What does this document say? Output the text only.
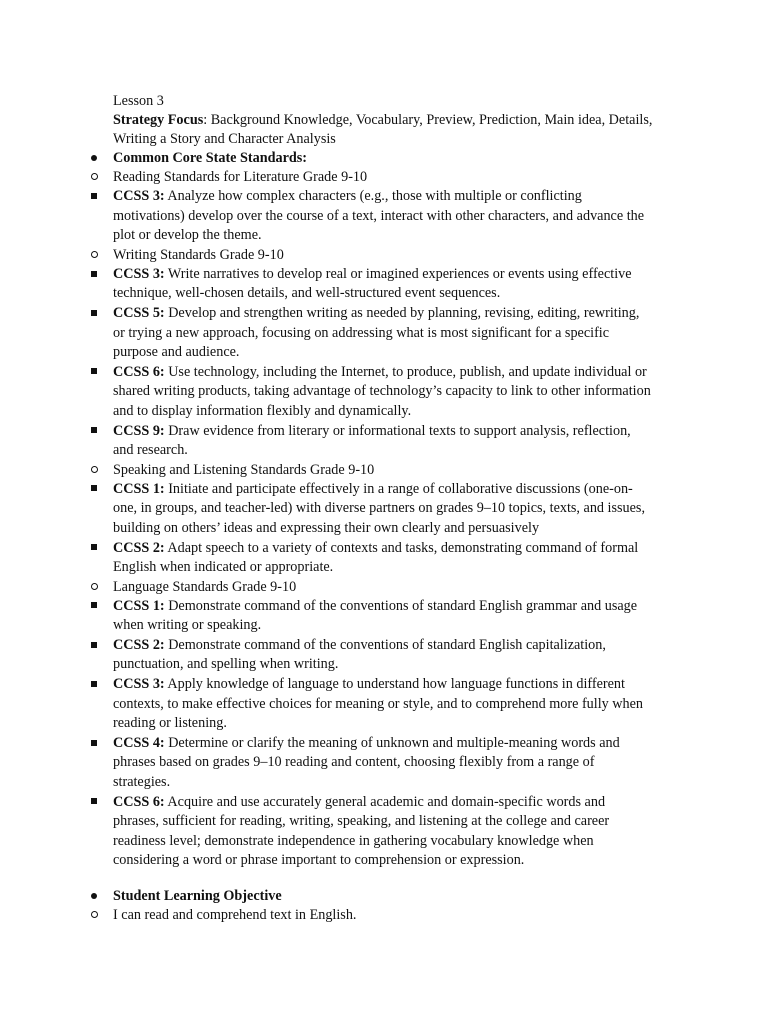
Lesson 3
Strategy Focus: Background Knowledge, Vocabulary, Preview, Prediction, Main idea, Details, Writing a Story and Character Analysis
Common Core State Standards:
Reading Standards for Literature Grade 9-10
CCSS 3: Analyze how complex characters (e.g., those with multiple or conflicting motivations) develop over the course of a text, interact with other characters, and advance the plot or develop the theme.
Writing Standards Grade 9-10
CCSS 3: Write narratives to develop real or imagined experiences or events using effective technique, well-chosen details, and well-structured event sequences.
CCSS 5: Develop and strengthen writing as needed by planning, revising, editing, rewriting, or trying a new approach, focusing on addressing what is most significant for a specific purpose and audience.
CCSS 6: Use technology, including the Internet, to produce, publish, and update individual or shared writing products, taking advantage of technology’s capacity to link to other information and to display information flexibly and dynamically.
CCSS 9: Draw evidence from literary or informational texts to support analysis, reflection, and research.
Speaking and Listening Standards Grade 9-10
CCSS 1: Initiate and participate effectively in a range of collaborative discussions (one-on-one, in groups, and teacher-led) with diverse partners on grades 9–10 topics, texts, and issues, building on others’ ideas and expressing their own clearly and persuasively
CCSS 2: Adapt speech to a variety of contexts and tasks, demonstrating command of formal English when indicated or appropriate.
Language Standards Grade 9-10
CCSS 1: Demonstrate command of the conventions of standard English grammar and usage when writing or speaking.
CCSS 2: Demonstrate command of the conventions of standard English capitalization, punctuation, and spelling when writing.
CCSS 3: Apply knowledge of language to understand how language functions in different contexts, to make effective choices for meaning or style, and to comprehend more fully when reading or listening.
CCSS 4: Determine or clarify the meaning of unknown and multiple-meaning words and phrases based on grades 9–10 reading and content, choosing flexibly from a range of strategies.
CCSS 6: Acquire and use accurately general academic and domain-specific words and phrases, sufficient for reading, writing, speaking, and listening at the college and career readiness level; demonstrate independence in gathering vocabulary knowledge when considering a word or phrase important to comprehension or expression.
Student Learning Objective
I can read and comprehend text in English.
